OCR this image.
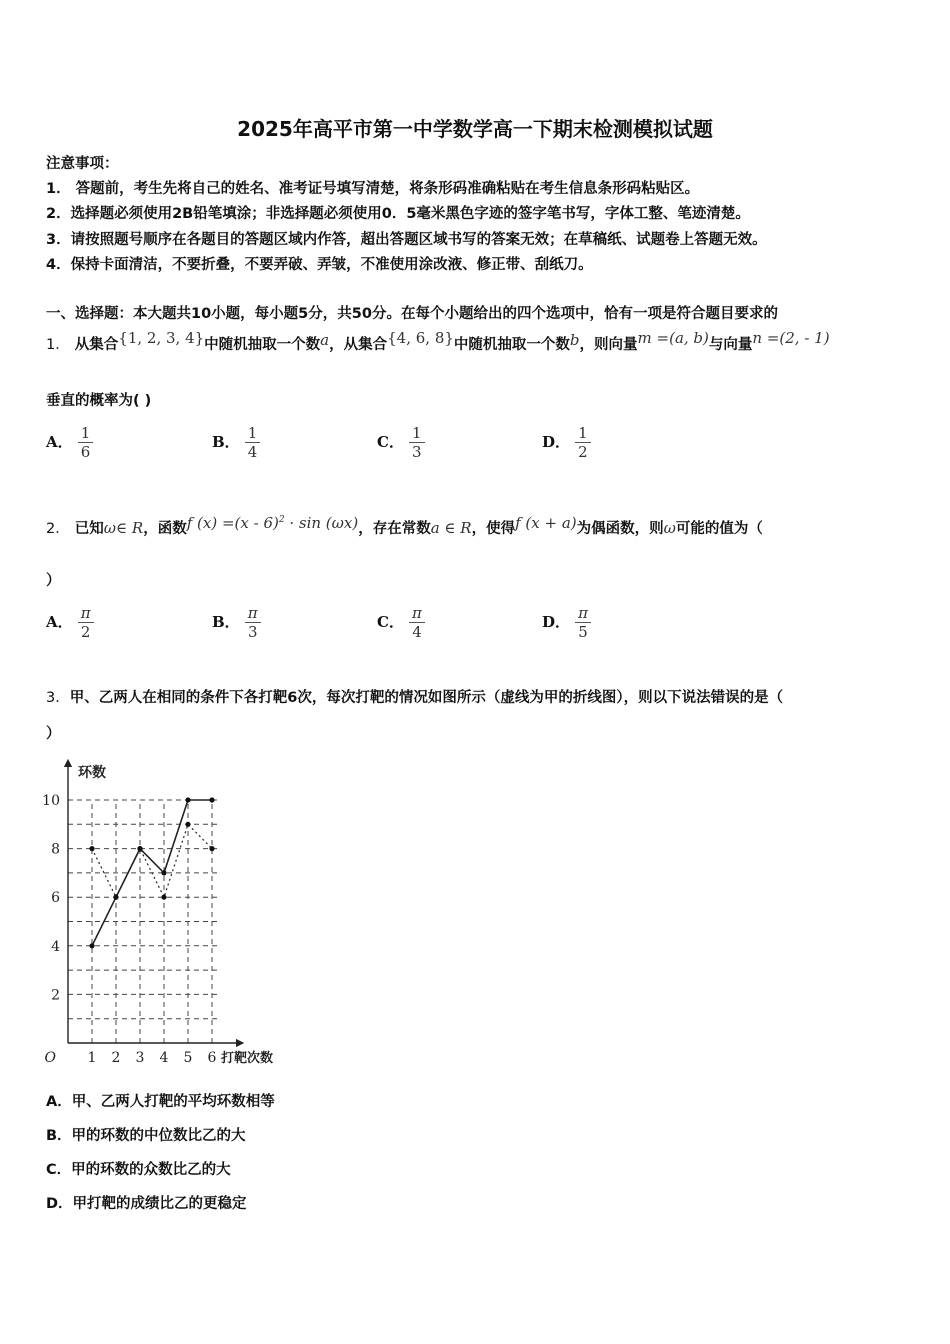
2025年高平市第一中学数学高一下期末检测模拟试题
注意事项：
1． 答题前，考生先将自己的姓名、准考证号填写清楚，将条形码准确粘贴在考生信息条形码粘贴区。
2．选择题必须使用2B铅笔填涂；非选择题必须使用0．5毫米黑色字迹的签字笔书写，字体工整、笔迹清楚。
3．请按照题号顺序在各题目的答题区域内作答，超出答题区域书写的答案无效；在草稿纸、试题卷上答题无效。
4．保持卡面清洁，不要折叠，不要弄破、弄皱，不准使用涂改液、修正带、刮纸刀。
一、选择题：本大题共10小题，每小题5分，共50分。在每个小题给出的四个选项中，恰有一项是符合题目要求的
1． 从集合{1, 2, 3, 4}中随机抽取一个数a，从集合{4, 6, 8}中随机抽取一个数b，则向量m =(a, b)与向量n =(2, - 1)
垂直的概率为( )
A． $\frac{1}{6}$	B． $\frac{1}{4}$	C． $\frac{1}{3}$	D． $\frac{1}{2}$
2． 已知ω∈ R，函数f (x) =(x - 6)$^2$ · sin (ωx)，存在常数a ∈ R，使得f (x + a)为偶函数，则ω可能的值为（
）
A． $\frac{\pi}{2}$	B． $\frac{\pi}{3}$	C． $\frac{\pi}{4}$	D． $\frac{\pi}{5}$
3．甲、乙两人在相同的条件下各打靶6次，每次打靶的情况如图所示（虚线为甲的折线图），则以下说法错误的是（
）
2
4
6
8
10
1 2 3 4 5 6
O
环数
打靶次数
A．甲、乙两人打靶的平均环数相等
B．甲的环数的中位数比乙的大
C．甲的环数的众数比乙的大
D．甲打靶的成绩比乙的更稳定
